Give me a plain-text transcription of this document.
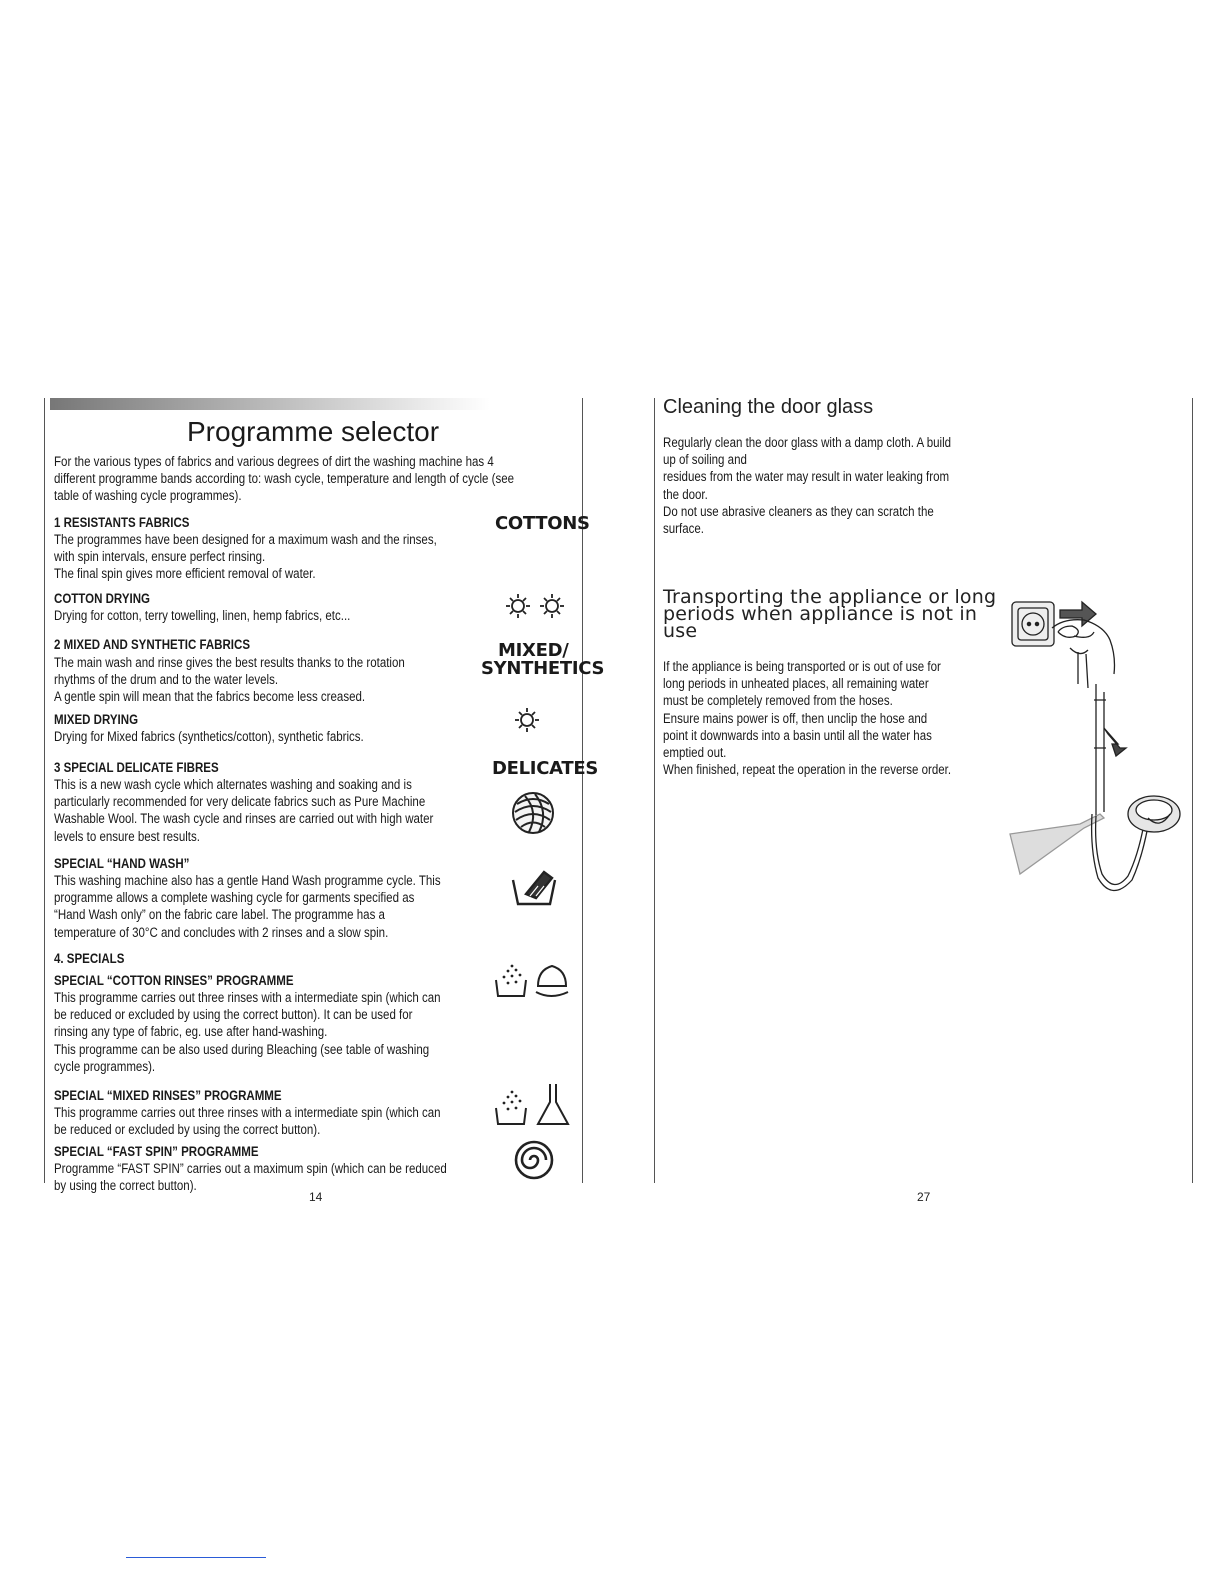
Programme selector
For the various types of fabrics and various degrees of dirt the washing machine has 4
different programme bands according to: wash cycle, temperature and length of cycle (see
table of washing cycle programmes).
1 RESISTANTS FABRICS	COTTONS
The programmes have been designed for a maximum wash and the rinses,
with spin intervals, ensure perfect rinsing.
The final spin gives more efficient removal of water.
COTTON DRYING
Drying for cotton, terry towelling, linen, hemp fabrics, etc...
2 MIXED AND SYNTHETIC FABRICS	MIXED/
SYNTHETICS
The main wash and rinse gives the best results thanks to the rotation
rhythms of the drum and to the water levels.
A gentle spin will mean that the fabrics become less creased.
MIXED DRYING
Drying for Mixed fabrics (synthetics/cotton), synthetic fabrics.
3 SPECIAL DELICATE FIBRES	DELICATES
This is a new wash cycle which alternates washing and soaking and is
particularly recommended for very delicate fabrics such as Pure Machine
Washable Wool. The wash cycle and rinses are carried out with high water
levels to ensure best results.
SPECIAL “HAND WASH”
This washing machine also has a gentle Hand Wash programme cycle. This
programme allows a complete washing cycle for garments specified as
“Hand Wash only” on the fabric care label. The programme has a
temperature of 30°C and concludes with 2 rinses and a slow spin.
4. SPECIALS
SPECIAL “COTTON RINSES” PROGRAMME
This programme carries out three rinses with a intermediate spin (which can
be reduced or excluded by using the correct button). It can be used for
rinsing any type of fabric, eg. use after hand-washing.
This programme can be also used during Bleaching (see table of washing
cycle programmes).
SPECIAL “MIXED RINSES” PROGRAMME
This programme carries out three rinses with a intermediate spin (which can
be reduced or excluded by using the correct button).
SPECIAL “FAST SPIN” PROGRAMME
Programme “FAST SPIN” carries out a maximum spin (which can be reduced
by using the correct button).
14
Cleaning the door glass
Regularly clean the door glass with a damp cloth. A build
up of soiling and
residues from the water may result in water leaking from
the door.
Do not use abrasive cleaners as they can scratch the
surface.
Transporting the appliance or long
periods when appliance is not in
use
If the appliance is being transported or is out of use for
long periods in unheated places, all remaining water
must be completely removed from the hoses.
Ensure mains power is off, then unclip the hose and
point it downwards into a basin until all the water has
emptied out.
When finished, repeat the operation in the reverse order.
27
